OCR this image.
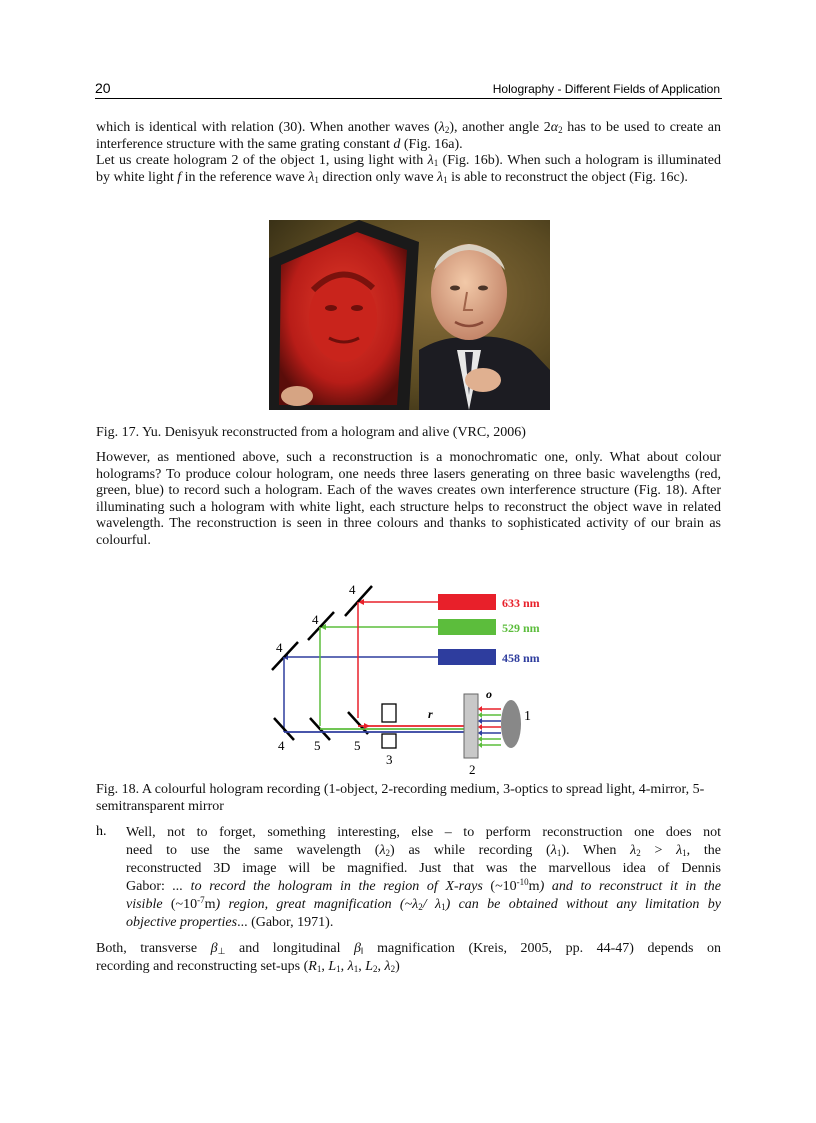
20	Holography - Different Fields of Application

which is identical with relation (30). When another waves $(\lambda_2)$, another angle $2\alpha_2$ has to be used to create an interference structure with the same grating constant d (Fig. 16a).
Let us create hologram 2 of the object 1, using light with $\lambda_1$ (Fig. 16b). When such a hologram is illuminated by white light f in the reference wave $\lambda_1$ direction only wave $\lambda_1$ is able to reconstruct the object (Fig. 16c).

Fig. 17. Yu. Denisyuk reconstructed from a hologram and alive (VRC, 2006)

However, as mentioned above, such a reconstruction is a monochromatic one, only. What about colour holograms? To produce colour hologram, one needs three lasers generating on three basic wavelengths (red, green, blue) to record such a hologram. Each of the waves creates own interference structure (Fig. 18). After illuminating such a hologram with white light, each structure helps to reconstruct the object wave in related wavelength. The reconstruction is seen in three colours and thanks to sophisticated activity of our brain as colourful.

633 nm
529 nm
458 nm
4
4
4
4 5	5
3
r
2
o
1

Fig. 18. A colourful hologram recording (1-object, 2-recording medium, 3-optics to spread light, 4-mirror, 5-semitransparent mirror

h. Well, not to forget, something interesting, else – to perform reconstruction one does not
need to use the same wavelength $(\lambda_2)$ as while recording $(\lambda_1)$. When $\lambda_2 > \lambda_1$, the
reconstructed 3D image will be magnified. Just that was the marvellous idea of Dennis
Gabor: ... to record the hologram in the region of X-rays $(\sim 10^{-10}m)$ and to reconstruct it in the
visible $(\sim 10^{-7}m)$ region, great magnification ($\sim\lambda_2/$ $\lambda_1$) can be obtained without any limitation by
objective properties... (Gabor, 1971).

Both, transverse $\beta_\perp$ and longitudinal $\beta_ǁ$ magnification (Kreis, 2005, pp. 44-47) depends on
recording and reconstructing set-ups ($R_1$, $L_1$, $\lambda_1$, $L_2$, $\lambda_2$)
